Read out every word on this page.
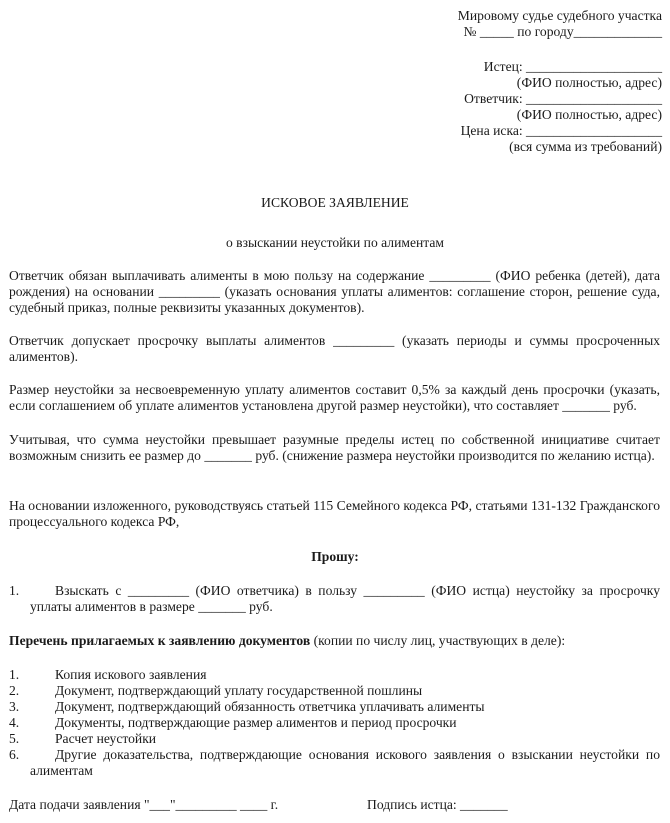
Мировому судье судебного участка
№ _____ по городу_____________
Истец: ____________________
(ФИО полностью, адрес)
Ответчик: ____________________
(ФИО полностью, адрес)
Цена иска: ____________________
(вся сумма из требований)
ИСКОВОЕ ЗАЯВЛЕНИЕ
о взыскании неустойки по алиментам
Ответчик обязан выплачивать алименты в мою пользу на содержание _________ (ФИО ребенка (детей), дата рождения) на основании _________ (указать основания уплаты алиментов: соглашение сторон, решение суда, судебный приказ, полные реквизиты указанных документов).
Ответчик допускает просрочку выплаты алиментов _________ (указать периоды и суммы просроченных алиментов).
Размер неустойки за несвоевременную уплату алиментов составит 0,5% за каждый день просрочки (указать, если соглашением об уплате алиментов установлена другой размер неустойки), что составляет _______ руб.
Учитывая, что сумма неустойки превышает разумные пределы истец по собственной инициативе считает возможным снизить ее размер до _______ руб. (снижение размера неустойки производится по желанию истца).
На основании изложенного, руководствуясь статьей 115 Семейного кодекса РФ, статьями 131-132 Гражданского процессуального кодекса РФ,
Прошу:
1.	Взыскать с _________ (ФИО ответчика) в пользу _________ (ФИО истца) неустойку за просрочку уплаты алиментов в размере _______ руб.
Перечень прилагаемых к заявлению документов (копии по числу лиц, участвующих в деле):
1.	Копия искового заявления
2.	Документ, подтверждающий уплату государственной пошлины
3.	Документ, подтверждающий обязанность ответчика уплачивать алименты
4.	Документы, подтверждающие размер алиментов и период просрочки
5.	Расчет неустойки
6.	Другие доказательства, подтверждающие основания искового заявления о взыскании неустойки по алиментам
Дата подачи заявления "___"_________ ____ г.	Подпись истца: _______
